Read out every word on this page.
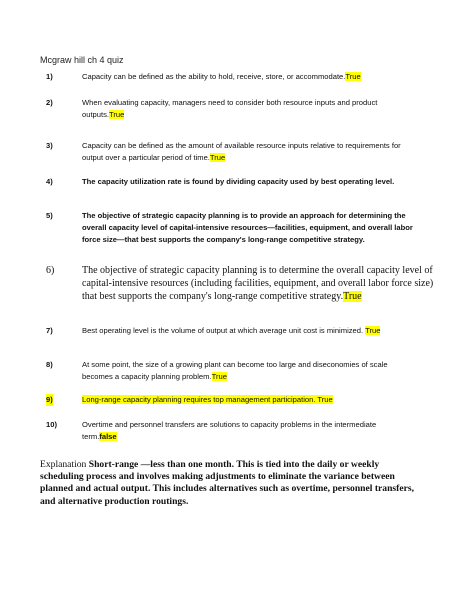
Mcgraw hill ch 4 quiz
1)	Capacity can be defined as the ability to hold, receive, store, or accommodate.True
2)	When evaluating capacity, managers need to consider both resource inputs and product
outputs.True
3)	Capacity can be defined as the amount of available resource inputs relative to requirements for
output over a particular period of time.True
4)	The capacity utilization rate is found by dividing capacity used by best operating level.
5)	The objective of strategic capacity planning is to provide an approach for determining the
overall capacity level of capital-intensive resources—facilities, equipment, and overall labor
force size—that best supports the company's long-range competitive strategy.
6)	The objective of strategic capacity planning is to determine the overall capacity level of
capital-intensive resources (including facilities, equipment, and overall labor force size)
that best supports the company's long-range competitive strategy.True
7)	Best operating level is the volume of output at which average unit cost is minimized. True
8)	At some point, the size of a growing plant can become too large and diseconomies of scale
becomes a capacity planning problem.True
9)	Long-range capacity planning requires top management participation. True
10)	Overtime and personnel transfers are solutions to capacity problems in the intermediate
term.false
Explanation Short-range —less than one month. This is tied into the daily or weekly
scheduling process and involves making adjustments to eliminate the variance between
planned and actual output. This includes alternatives such as overtime, personnel transfers,
and alternative production routings.
